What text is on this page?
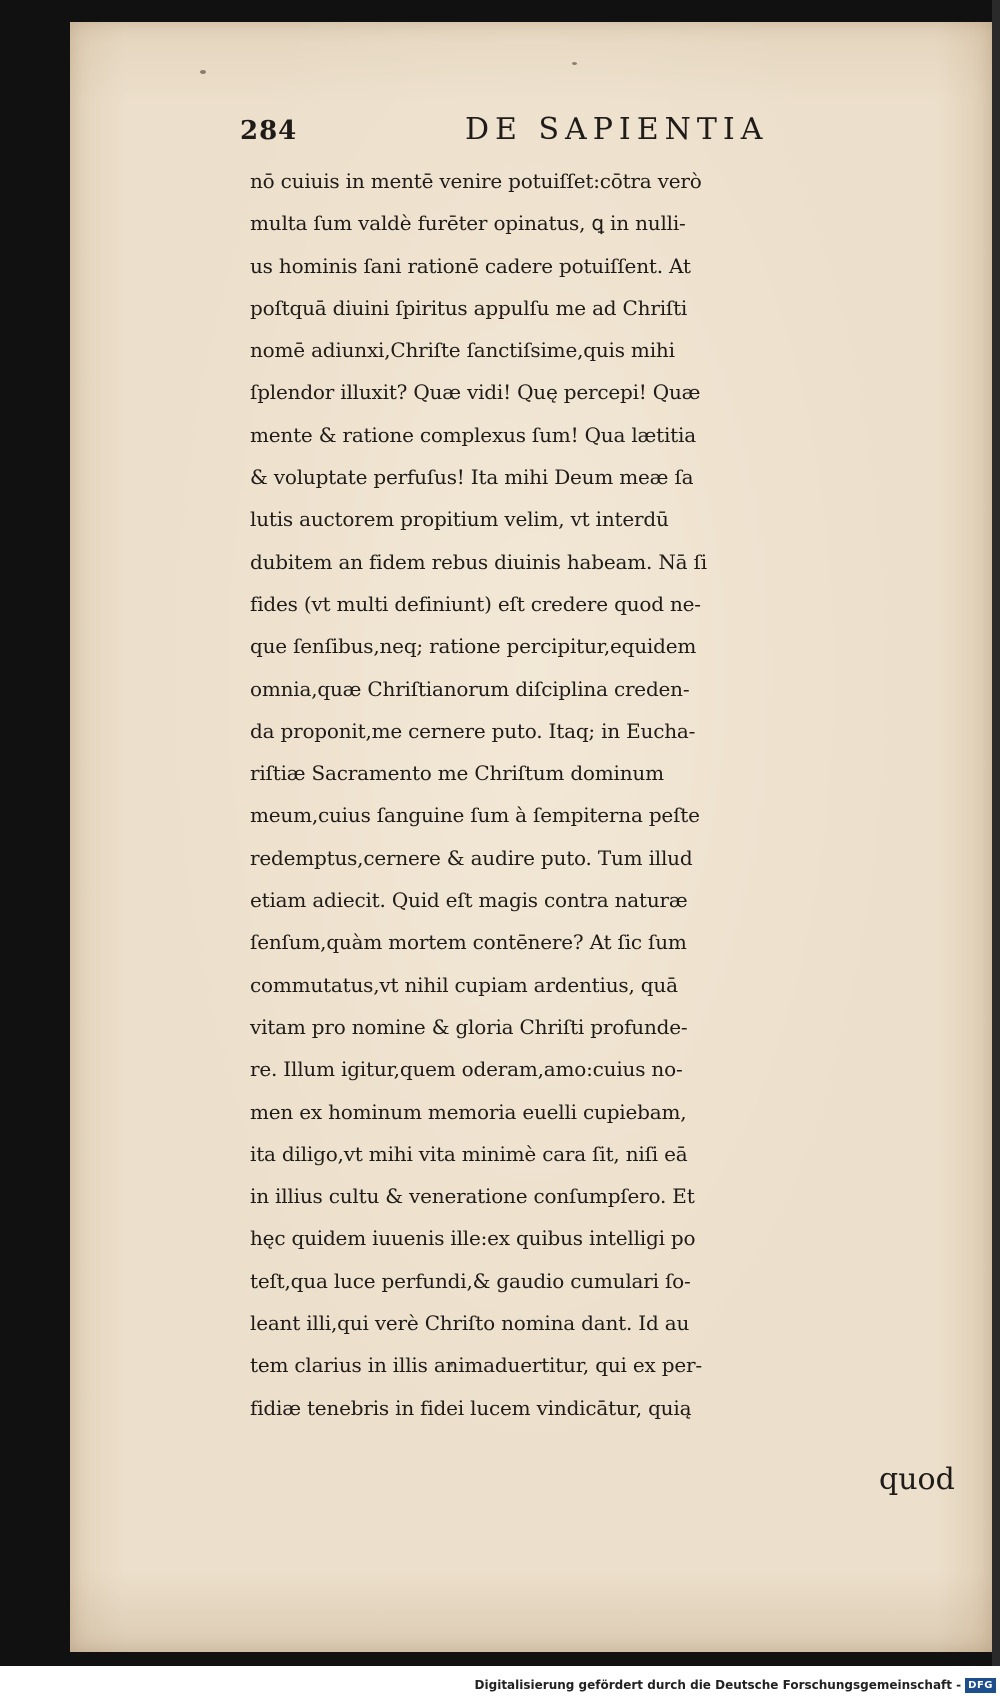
284	DE SAPIENTIA
nō cuiuis in mentē venire potuiſſet:cōtra verò
multa ſum valdè furēter opinatus, ꝗ in nulli-
us hominis ſani rationē cadere potuiſſent. At
poſtquā diuini ſpiritus appulſu me ad Chriſti
nomē adiunxi,Chriſte ſanctiſsime,quis mihi
ſplendor illuxit? Quæ vidi! Quę percepi! Quæ
mente & ratione complexus ſum! Qua lætitia
& voluptate perfuſus! Ita mihi Deum meæ ſa
lutis auctorem propitium velim, vt interdū
dubitem an fidem rebus diuinis habeam. Nā ſi
fides (vt multi definiunt) eſt credere quod ne-
que ſenſibus,neq; ratione percipitur,equidem
omnia,quæ Chriſtianorum diſciplina creden-
da proponit,me cernere puto. Itaq; in Eucha-
riſtiæ Sacramento me Chriſtum dominum
meum,cuius ſanguine ſum à ſempiterna peſte
redemptus,cernere & audire puto. Tum illud
etiam adiecit. Quid eſt magis contra naturæ
ſenſum,quàm mortem contēnere? At ſic ſum
commutatus,vt nihil cupiam ardentius, quā
vitam pro nomine & gloria Chriſti profunde-
re. Illum igitur,quem oderam,amo:cuius no-
men ex hominum memoria euelli cupiebam,
ita diligo,vt mihi vita minimè cara ſit, niſi eā
in illius cultu & veneratione conſumpſero. Et
hęc quidem iuuenis ille:ex quibus intelligi po
teſt,qua luce perfundi,& gaudio cumulari ſo-
leant illi,qui verè Chriſto nomina dant. Id au
tem clarius in illis animaduertitur, qui ex per-
fidiæ tenebris in fidei lucem vindicātur, quią
quod
Digitalisierung gefördert durch die Deutsche Forschungsgemeinschaft - DFG
